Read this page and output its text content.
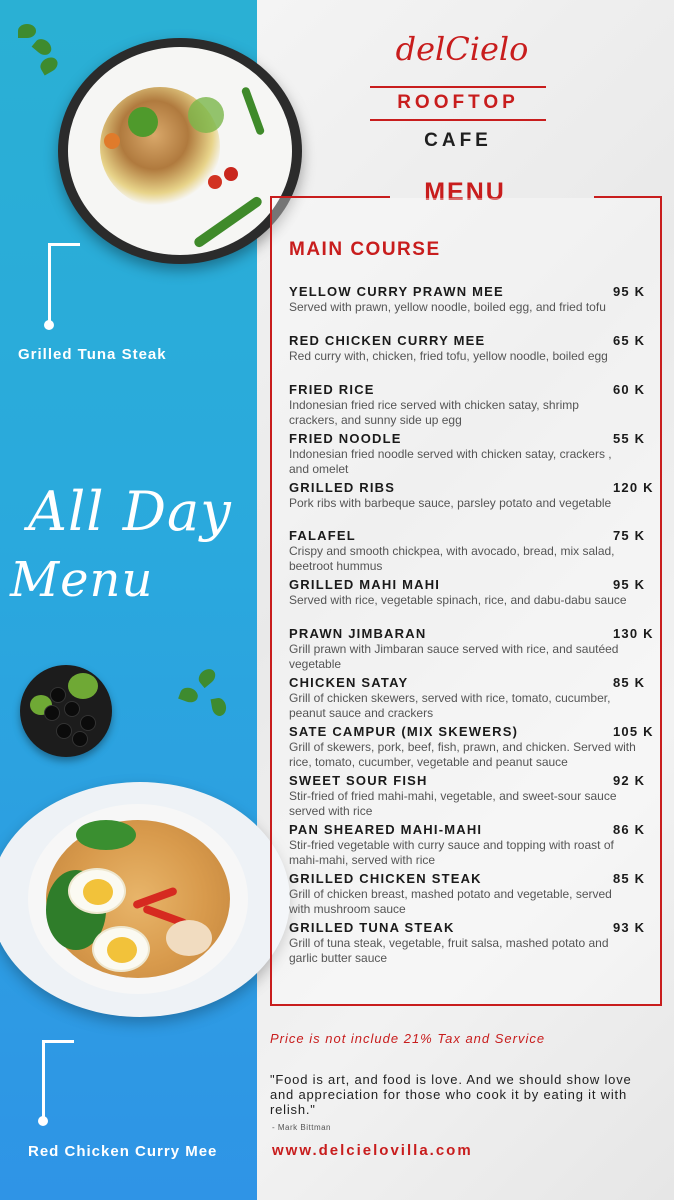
Grilled Tuna Steak
All Day
Menu
Red Chicken Curry Mee
delCielo
ROOFTOP
CAFE
MENU
MAIN COURSE
YELLOW CURRY PRAWN MEE	95 K
Served with prawn, yellow noodle, boiled egg, and fried tofu
RED CHICKEN CURRY MEE	65 K
Red curry with, chicken, fried tofu, yellow noodle, boiled egg
FRIED RICE	60 K
Indonesian fried rice served with chicken satay, shrimp crackers, and sunny side up egg
FRIED NOODLE	55 K
Indonesian fried noodle served with chicken satay, crackers , and omelet
GRILLED RIBS	120 K
Pork ribs with barbeque sauce, parsley potato and vegetable
FALAFEL	75 K
Crispy and smooth chickpea, with avocado, bread, mix salad, beetroot hummus
GRILLED MAHI MAHI	95 K
Served with rice, vegetable spinach, rice, and dabu-dabu sauce
PRAWN JIMBARAN	130 K
Grill prawn with Jimbaran sauce served with rice, and sautéed vegetable
CHICKEN SATAY	85 K
Grill of chicken skewers, served with rice, tomato, cucumber, peanut sauce and crackers
SATE CAMPUR (MIX SKEWERS)	105 K
Grill of skewers, pork, beef, fish, prawn, and chicken. Served with rice, tomato, cucumber, vegetable and peanut sauce
SWEET SOUR FISH	92 K
Stir-fried of fried mahi-mahi, vegetable, and sweet-sour sauce served with rice
PAN SHEARED MAHI-MAHI	86 K
Stir-fried vegetable with curry sauce and topping with roast of mahi-mahi, served with rice
GRILLED CHICKEN STEAK	85 K
Grill of chicken breast, mashed potato and vegetable, served with mushroom sauce
GRILLED TUNA STEAK	93 K
Grill of tuna steak, vegetable, fruit salsa, mashed potato and garlic butter sauce
Price is not include 21% Tax and Service
"Food is art, and food is love. And we should show love and appreciation for those who cook it by eating it with relish."
- Mark Bittman
www.delcielovilla.com
